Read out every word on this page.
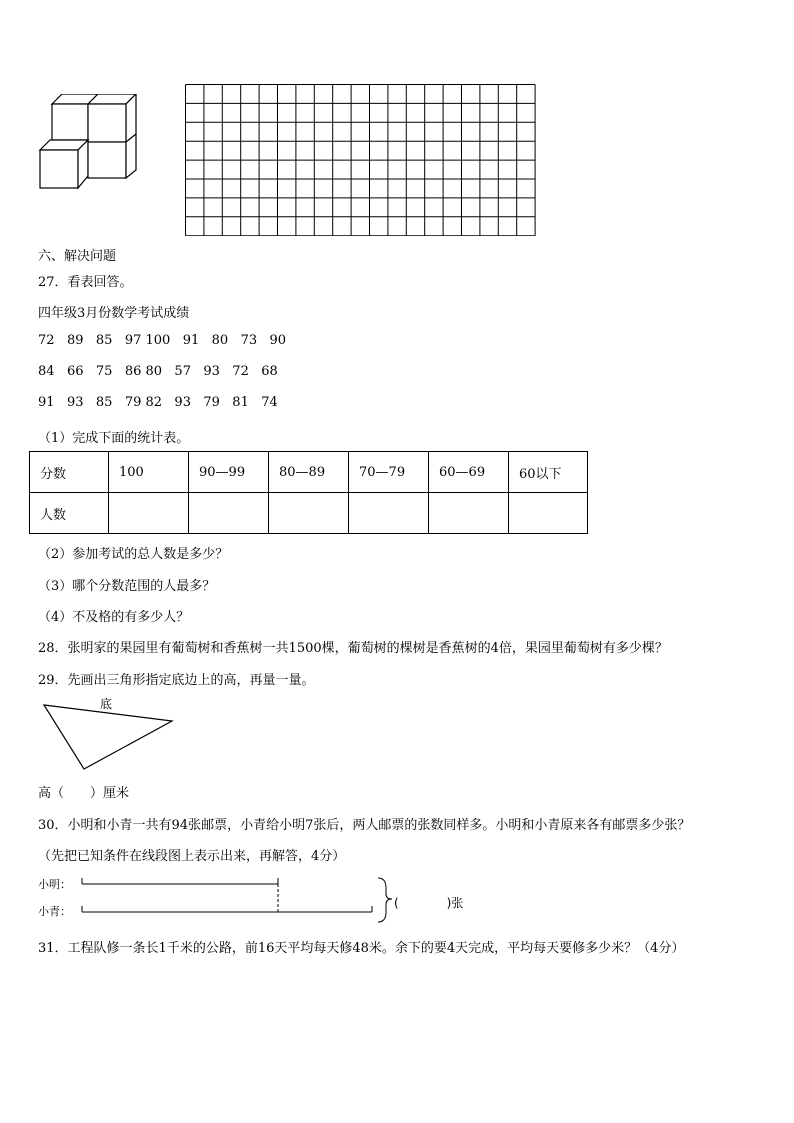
六、解决问题
27．看表回答。
四年级3月份数学考试成绩
72   89   85   97 100   91   80   73   90
84   66   75   86 80   57   93   72   68
91   93   85   79 82   93   79   81   74
（1）完成下面的统计表。
分数	100	90—99	80—89	70—79	60—69	60以下
人数						
（2）参加考试的总人数是多少？
（3）哪个分数范围的人最多？
（4）不及格的有多少人？
28．张明家的果园里有葡萄树和香蕉树一共1500棵，葡萄树的棵树是香蕉树的4倍，果园里葡萄树有多少棵？
29．先画出三角形指定底边上的高，再量一量。
底
高（　　）厘米
30．小明和小青一共有94张邮票，小青给小明7张后，两人邮票的张数同样多。小明和小青原来各有邮票多少张？
（先把已知条件在线段图上表示出来，再解答，4分）
小明：
小青：
(　　　　)张
31．工程队修一条长1千米的公路，前16天平均每天修48米。余下的要4天完成，平均每天要修多少米？（4分）
